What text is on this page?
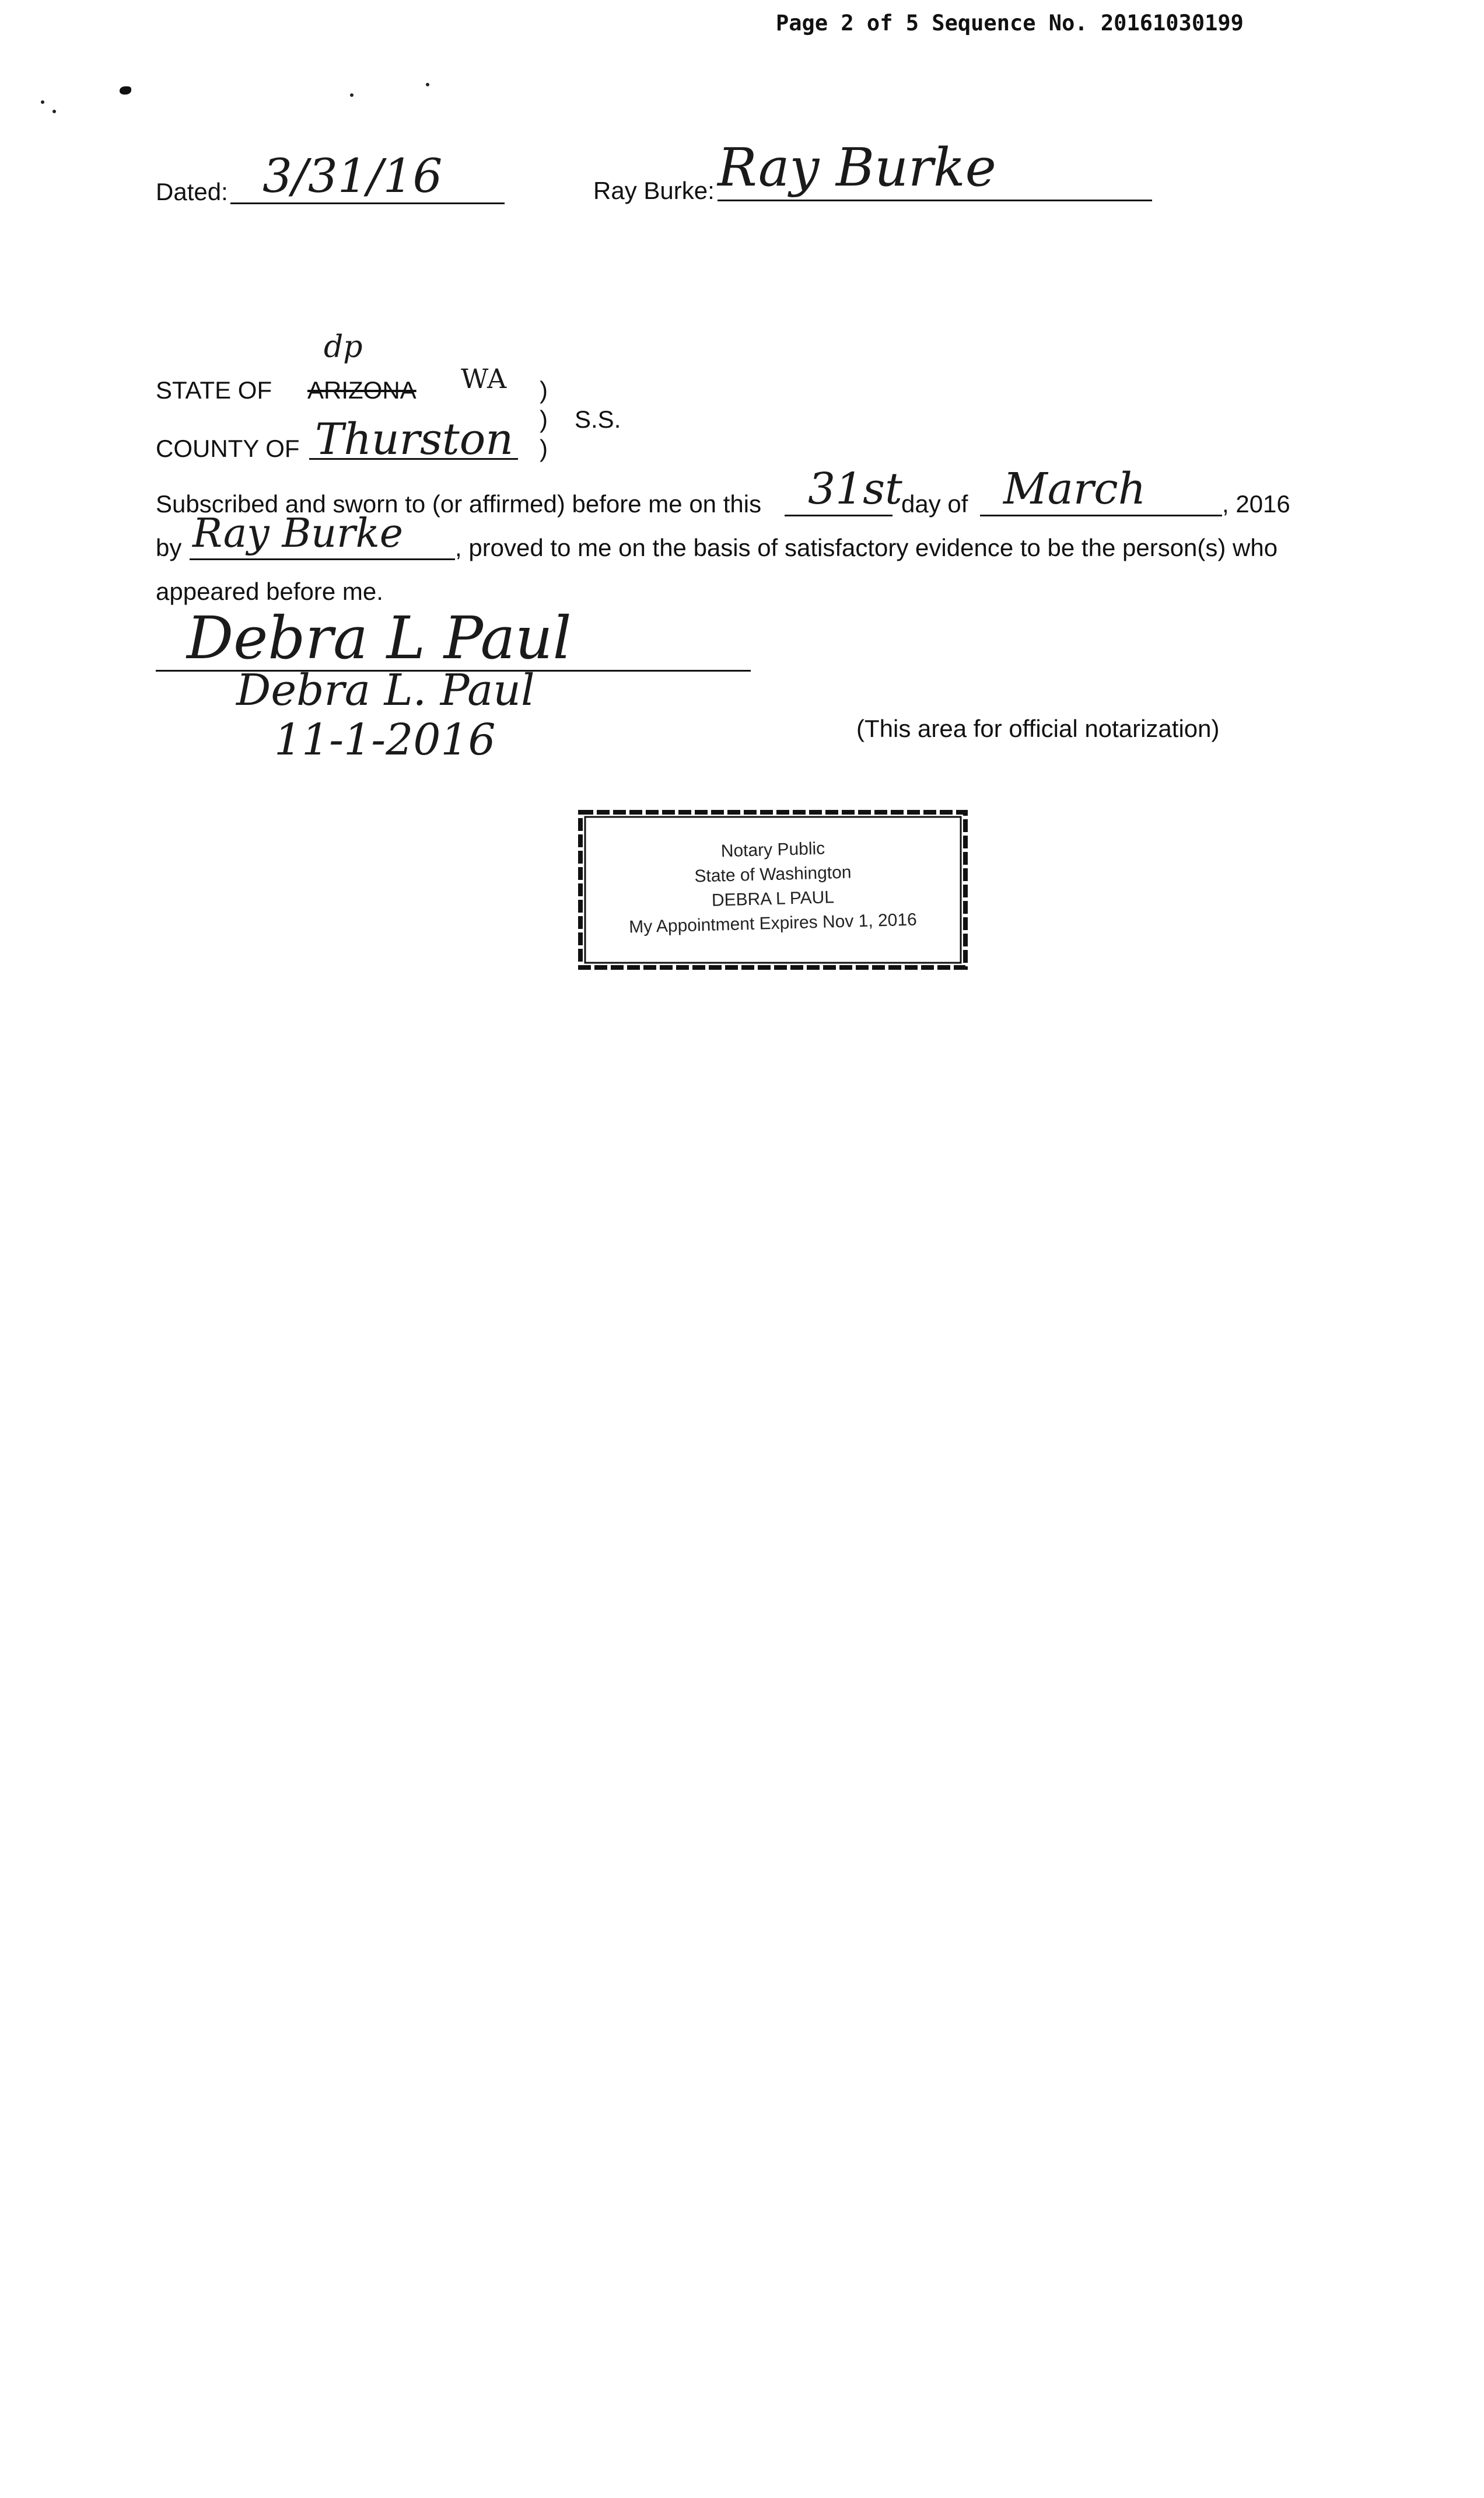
Page 2 of 5 Sequence No. 20161030199
Dated: 3/31/16	Ray Burke: Ray Burke
dp
STATE OF ARIZONA WA )
) S.S.
COUNTY OF Thurston )
Subscribed and sworn to (or affirmed) before me on this 31st
day of March	, 2016
by Ray Burke , proved to me on the basis of satisfactory evidence to be the person(s) who
appeared before me.
Debra L Paul
Debra L. Paul
11-1-2016	(This area for official notarization)
Notary Public
State of Washington
DEBRA L PAUL
My Appointment Expires Nov 1, 2016
